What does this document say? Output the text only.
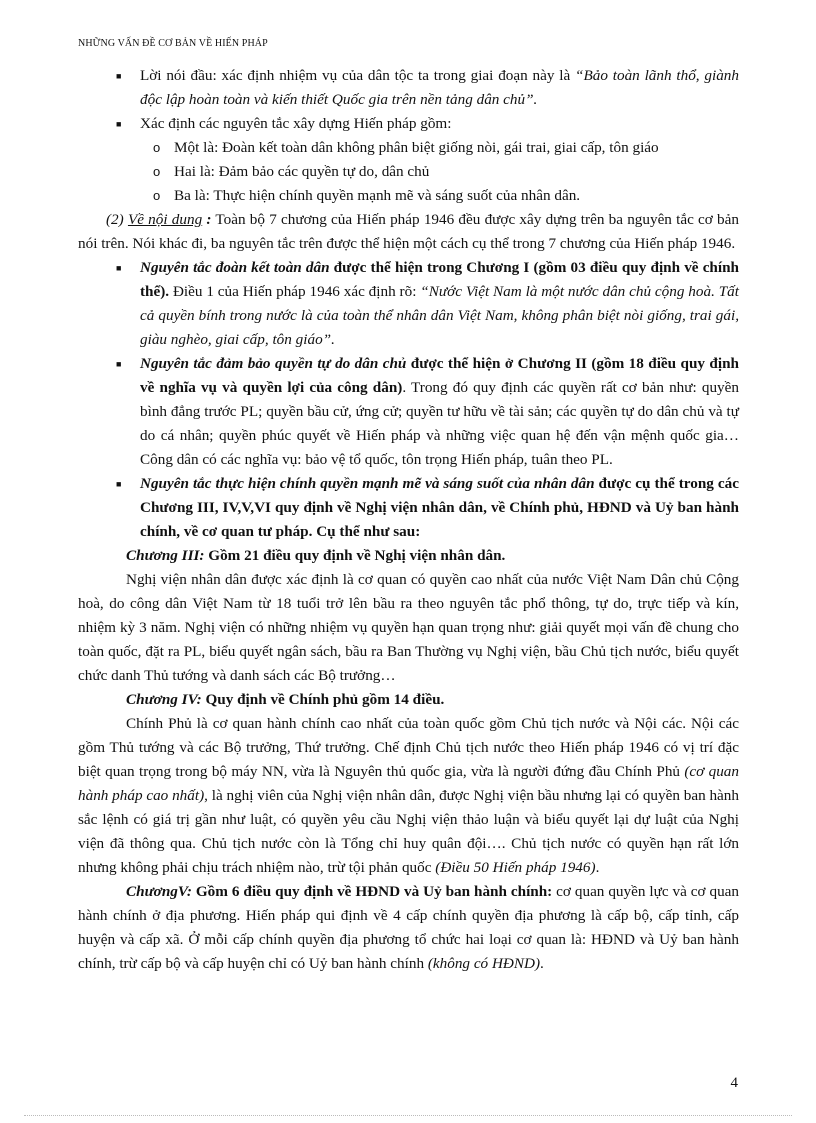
NHỮNG VẤN ĐỀ CƠ BẢN VỀ HIẾN PHÁP

■ Lời nói đầu: xác định nhiệm vụ của dân tộc ta trong giai đoạn này là “Bảo toàn lãnh thổ, giành độc lập hoàn toàn và kiến thiết Quốc gia trên nền tảng dân chủ”.

■ Xác định các nguyên tắc xây dựng Hiến pháp gồm:

o Một là: Đoàn kết toàn dân không phân biệt giống nòi, gái trai, giai cấp, tôn giáo

o Hai là: Đảm bảo các quyền tự do, dân chủ

o Ba là: Thực hiện chính quyền mạnh mẽ và sáng suốt của nhân dân.

(2) Về nội dung : Toàn bộ 7 chương của Hiến pháp 1946 đều được xây dựng trên ba nguyên tắc cơ bản nói trên. Nói khác đi, ba nguyên tắc trên được thể hiện một cách cụ thể trong 7 chương của Hiến pháp 1946.

■ Nguyên tắc đoàn kết toàn dân được thể hiện trong Chương I (gồm 03 điều quy định về chính thể). Điều 1 của Hiến pháp 1946 xác định rõ: “Nước Việt Nam là một nước dân chủ cộng hoà. Tất cả quyền bính trong nước là của toàn thể nhân dân Việt Nam, không phân biệt nòi giống, trai gái, giàu nghèo, giai cấp, tôn giáo”.

■ Nguyên tắc đảm bảo quyền tự do dân chủ được thể hiện ở Chương II (gồm 18 điều quy định về nghĩa vụ và quyền lợi của công dân). Trong đó quy định các quyền rất cơ bản như: quyền bình đẳng trước PL; quyền bầu cử, ứng cử; quyền tư hữu về tài sản; các quyền tự do dân chủ và tự do cá nhân; quyền phúc quyết về Hiến pháp và những việc quan hệ đến vận mệnh quốc gia… Công dân có các nghĩa vụ: bảo vệ tổ quốc, tôn trọng Hiến pháp, tuân theo PL.

■ Nguyên tắc thực hiện chính quyền mạnh mẽ và sáng suốt của nhân dân được cụ thể trong các Chương III, IV,V,VI quy định về Nghị viện nhân dân, về Chính phủ, HĐND và Uỷ ban hành chính, về cơ quan tư pháp. Cụ thể như sau:

Chương III: Gồm 21 điều quy định về Nghị viện nhân dân.

Nghị viện nhân dân được xác định là cơ quan có quyền cao nhất của nước Việt Nam Dân chủ Cộng hoà, do công dân Việt Nam từ 18 tuổi trở lên bầu ra theo nguyên tắc phổ thông, tự do, trực tiếp và kín, nhiệm kỳ 3 năm. Nghị viện có những nhiệm vụ quyền hạn quan trọng như: giải quyết mọi vấn đề chung cho toàn quốc, đặt ra PL, biểu quyết ngân sách, bầu ra Ban Thường vụ Nghị viện, bầu Chủ tịch nước, biểu quyết chức danh Thủ tướng và danh sách các Bộ trưởng…

Chương IV: Quy định về Chính phủ gồm 14 điều.

Chính Phủ là cơ quan hành chính cao nhất của toàn quốc gồm Chủ tịch nước và Nội các. Nội các gồm Thủ tướng và các Bộ trưởng, Thứ trưởng. Chế định Chủ tịch nước theo Hiến pháp 1946 có vị trí đặc biệt quan trọng trong bộ máy NN, vừa là Nguyên thủ quốc gia, vừa là người đứng đầu Chính Phủ (cơ quan hành pháp cao nhất), là nghị viên của Nghị viện nhân dân, được Nghị viện bầu nhưng lại có quyền ban hành sắc lệnh có giá trị gần như luật, có quyền yêu cầu Nghị viện thảo luận và biểu quyết lại dự luật của Nghị viện đã thông qua. Chủ tịch nước còn là Tổng chỉ huy quân đội…. Chủ tịch nước có quyền hạn rất lớn nhưng không phải chịu trách nhiệm nào, trừ tội phản quốc (Điều 50 Hiến pháp 1946).

ChươngV: Gồm 6 điều quy định về HĐND và Uỷ ban hành chính: cơ quan quyền lực và cơ quan hành chính ở địa phương. Hiến pháp qui định về 4 cấp chính quyền địa phương là cấp bộ, cấp tỉnh, cấp huyện và cấp xã. Ở mỗi cấp chính quyền địa phương tổ chức hai loại cơ quan là: HĐND và Uỷ ban hành chính, trừ cấp bộ và cấp huyện chỉ có Uỷ ban hành chính (không có HĐND).

4
